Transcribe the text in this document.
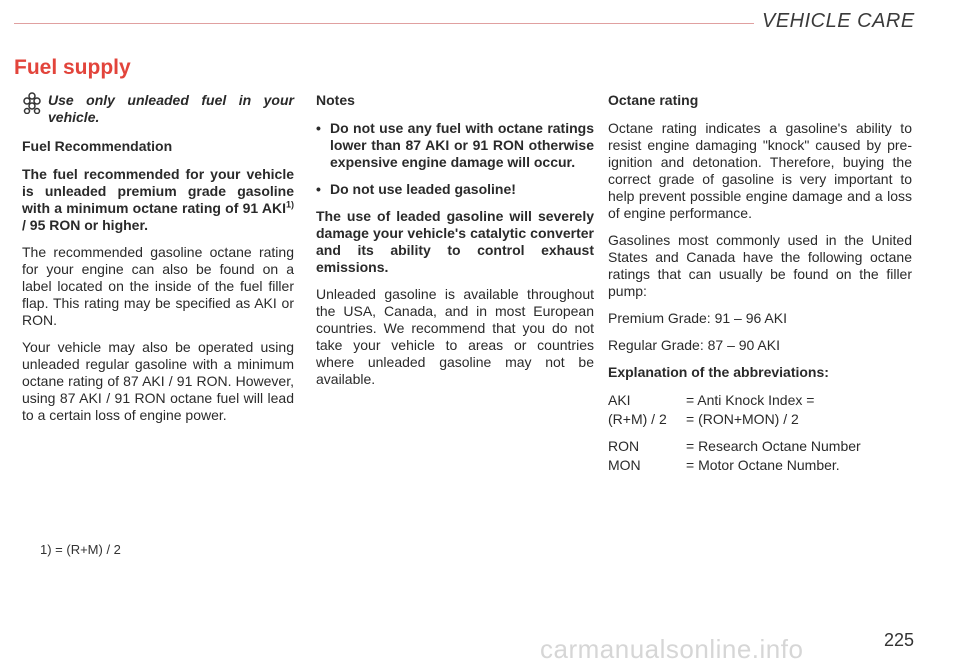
VEHICLE CARE
Fuel supply
Use only unleaded fuel in your vehicle.

Fuel Recommendation

The fuel recommended for your vehicle is unleaded premium grade gasoline with a minimum octane rating of 91 AKI$^{1)}$ / 95 RON or higher.

The recommended gasoline octane rating for your engine can also be found on a label located on the inside of the fuel filler flap. This rating may be specified as AKI or RON.

Your vehicle may also be operated using unleaded regular gasoline with a minimum octane rating of 87 AKI / 91 RON. However, using 87 AKI / 91 RON octane fuel will lead to a certain loss of engine power.

Notes

• Do not use any fuel with octane ratings lower than 87 AKI or 91 RON otherwise expensive engine damage will occur.

• Do not use leaded gasoline!

The use of leaded gasoline will severely damage your vehicle's catalytic converter and its ability to control exhaust emissions.

Unleaded gasoline is available throughout the USA, Canada, and in most European countries. We recommend that you do not take your vehicle to areas or countries where unleaded gasoline may not be available.

Octane rating

Octane rating indicates a gasoline's ability to resist engine damaging "knock" caused by pre-ignition and detonation. Therefore, buying the correct grade of gasoline is very important to help prevent possible engine damage and a loss of engine performance.

Gasolines most commonly used in the United States and Canada have the following octane ratings that can usually be found on the filler pump:

Premium Grade: 91 – 96 AKI

Regular Grade: 87 – 90 AKI

Explanation of the abbreviations:

AKI	= Anti Knock Index =
(R+M) / 2	= (RON+MON) / 2
RON	= Research Octane Number
MON	= Motor Octane Number.
1) = (R+M) / 2
carmanualsonline.info	225
